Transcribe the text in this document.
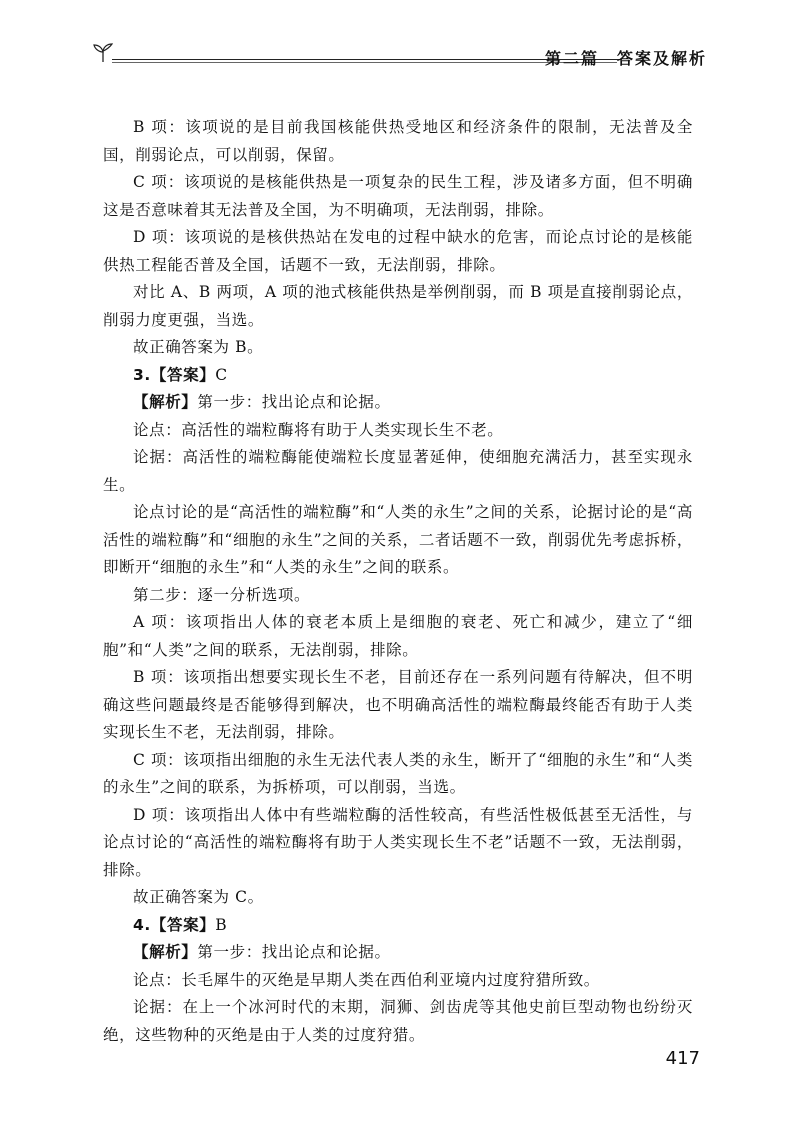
第二篇　答案及解析

B 项：该项说的是目前我国核能供热受地区和经济条件的限制，无法普及全国，削弱论点，可以削弱，保留。

C 项：该项说的是核能供热是一项复杂的民生工程，涉及诸多方面，但不明确这是否意味着其无法普及全国，为不明确项，无法削弱，排除。

D 项：该项说的是核供热站在发电的过程中缺水的危害，而论点讨论的是核能供热工程能否普及全国，话题不一致，无法削弱，排除。

对比 A、B 两项，A 项的池式核能供热是举例削弱，而 B 项是直接削弱论点，削弱力度更强，当选。

故正确答案为 B。

3.【答案】C

【解析】第一步：找出论点和论据。

论点：高活性的端粒酶将有助于人类实现长生不老。

论据：高活性的端粒酶能使端粒长度显著延伸，使细胞充满活力，甚至实现永生。

论点讨论的是“高活性的端粒酶”和“人类的永生”之间的关系，论据讨论的是“高活性的端粒酶”和“细胞的永生”之间的关系，二者话题不一致，削弱优先考虑拆桥，即断开“细胞的永生”和“人类的永生”之间的联系。

第二步：逐一分析选项。

A 项：该项指出人体的衰老本质上是细胞的衰老、死亡和减少，建立了“细胞”和“人类”之间的联系，无法削弱，排除。

B 项：该项指出想要实现长生不老，目前还存在一系列问题有待解决，但不明确这些问题最终是否能够得到解决，也不明确高活性的端粒酶最终能否有助于人类实现长生不老，无法削弱，排除。

C 项：该项指出细胞的永生无法代表人类的永生，断开了“细胞的永生”和“人类的永生”之间的联系，为拆桥项，可以削弱，当选。

D 项：该项指出人体中有些端粒酶的活性较高，有些活性极低甚至无活性，与论点讨论的“高活性的端粒酶将有助于人类实现长生不老”话题不一致，无法削弱，排除。

故正确答案为 C。

4.【答案】B

【解析】第一步：找出论点和论据。

论点：长毛犀牛的灭绝是早期人类在西伯利亚境内过度狩猎所致。

论据：在上一个冰河时代的末期，洞狮、剑齿虎等其他史前巨型动物也纷纷灭绝，这些物种的灭绝是由于人类的过度狩猎。

417
